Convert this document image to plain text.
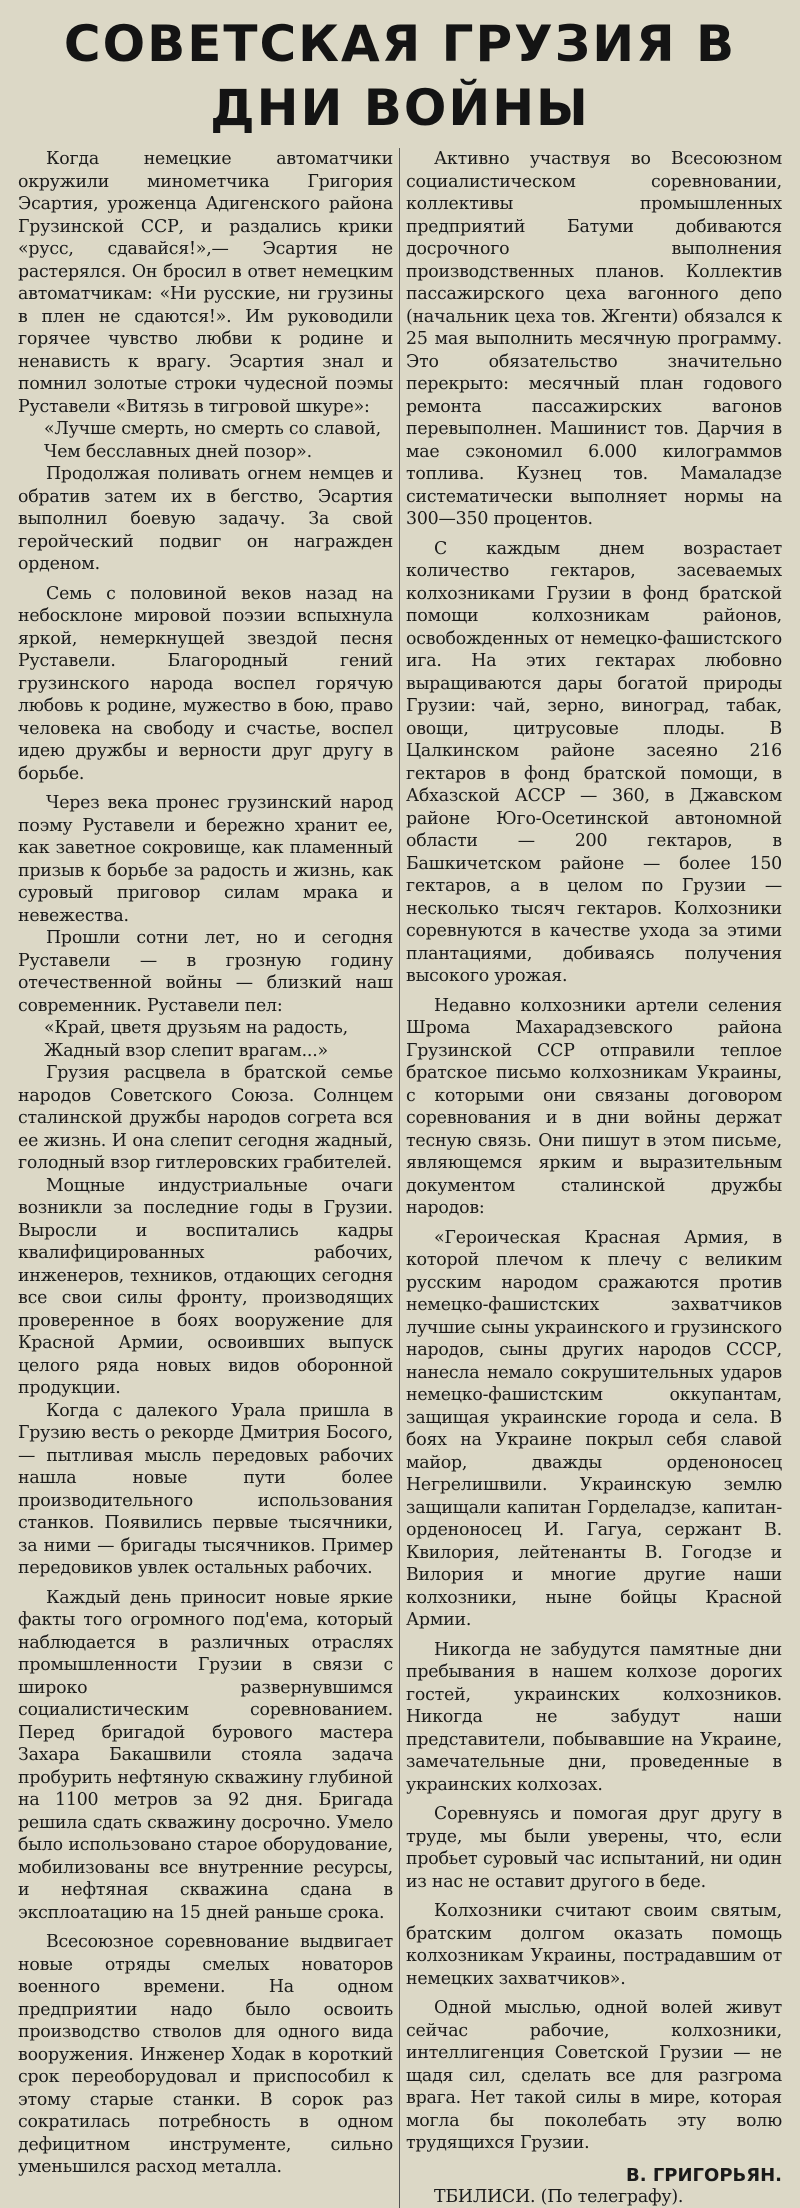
СОВЕТСКАЯ ГРУЗИЯ В ДНИ ВОЙНЫ

Когда немецкие автоматчики окружили минометчика Григория Эсартия, уроженца Адигенского района Грузинской ССР, и раздались крики «русс, сдавайся!»,— Эсартия не растерялся. Он бросил в ответ немецким автоматчикам: «Ни русские, ни грузины в плен не сдаются!». Им руководили горячее чувство любви к родине и ненависть к врагу. Эсартия знал и помнил золотые строки чудесной поэмы Руставели «Витязь в тигровой шкуре»:

«Лучше смерть, но смерть со славой, Чем бесславных дней позор».

Продолжая поливать огнем немцев и обратив затем их в бегство, Эсартия выполнил боевую задачу. За свой геройческий подвиг он награжден орденом.

Семь с половиной веков назад на небосклоне мировой поэзии вспыхнула яркой, немеркнущей звездой песня Руставели. Благородный гений грузинского народа воспел горячую любовь к родине, мужество в бою, право человека на свободу и счастье, воспел идею дружбы и верности друг другу в борьбе.

Через века пронес грузинский народ поэму Руставели и бережно хранит ее, как заветное сокровище, как пламенный призыв к борьбе за радость и жизнь, как суровый приговор силам мрака и невежества.

Прошли сотни лет, но и сегодня Руставели — в грозную годину отечественной войны — близкий наш современник. Руставели пел:

«Край, цветя друзьям на радость, Жадный взор слепит врагам...»

Грузия расцвела в братской семье народов Советского Союза. Солнцем сталинской дружбы народов согрета вся ее жизнь. И она слепит сегодня жадный, голодный взор гитлеровских грабителей.

Мощные индустриальные очаги возникли за последние годы в Грузии. Выросли и воспитались кадры квалифицированных рабочих, инженеров, техников, отдающих сегодня все свои силы фронту, производящих проверенное в боях вооружение для Красной Армии, освоивших выпуск целого ряда новых видов оборонной продукции.

Когда с далекого Урала пришла в Грузию весть о рекорде Дмитрия Босого,— пытливая мысль передовых рабочих нашла новые пути более производительного использования станков. Появились первые тысячники, за ними — бригады тысячников. Пример передовиков увлек остальных рабочих.

Каждый день приносит новые яркие факты того огромного под'ема, который наблюдается в различных отраслях промышленности Грузии в связи с широко развернувшимся социалистическим соревнованием. Перед бригадой бурового мастера Захара Бакашвили стояла задача пробурить нефтяную скважину глубиной на 1100 метров за 92 дня. Бригада решила сдать скважину досрочно. Умело было использовано старое оборудование, мобилизованы все внутренние ресурсы, и нефтяная скважина сдана в эксплоатацию на 15 дней раньше срока.

Всесоюзное соревнование выдвигает новые отряды смелых новаторов военного времени. На одном предприятии надо было освоить производство стволов для одного вида вооружения. Инженер Ходак в короткий срок переоборудовал и приспособил к этому старые станки. В сорок раз сократилась потребность в одном дефицитном инструменте, сильно уменьшился расход металла.

Активно участвуя во Всесоюзном социалистическом соревновании, коллективы промышленных предприятий Батуми добиваются досрочного выполнения производственных планов. Коллектив пассажирского цеха вагонного депо (начальник цеха тов. Жгенти) обязался к 25 мая выполнить месячную программу. Это обязательство значительно перекрыто: месячный план годового ремонта пассажирских вагонов перевыполнен. Машинист тов. Дарчия в мае сэкономил 6.000 килограммов топлива. Кузнец тов. Мамаладзе систематически выполняет нормы на 300—350 процентов.

С каждым днем возрастает количество гектаров, засеваемых колхозниками Грузии в фонд братской помощи колхозникам районов, освобожденных от немецко-фашистского ига. На этих гектарах любовно выращиваются дары богатой природы Грузии: чай, зерно, виноград, табак, овощи, цитрусовые плоды. В Цалкинском районе засеяно 216 гектаров в фонд братской помощи, в Абхазской АССР — 360, в Джавском районе Юго-Осетинской автономной области — 200 гектаров, в Башкичетском районе — более 150 гектаров, а в целом по Грузии — несколько тысяч гектаров. Колхозники соревнуются в качестве ухода за этими плантациями, добиваясь получения высокого урожая.

Недавно колхозники артели селения Шрома Махарадзевского района Грузинской ССР отправили теплое братское письмо колхозникам Украины, с которыми они связаны договором соревнования и в дни войны держат тесную связь. Они пишут в этом письме, являющемся ярким и выразительным документом сталинской дружбы народов:

«Героическая Красная Армия, в которой плечом к плечу с великим русским народом сражаются против немецко-фашистских захватчиков лучшие сыны украинского и грузинского народов, сыны других народов СССР, нанесла немало сокрушительных ударов немецко-фашистским оккупантам, защищая украинские города и села. В боях на Украине покрыл себя славой майор, дважды орденоносец Негрелишвили. Украинскую землю защищали капитан Горделадзе, капитан-орденоносец И. Гагуа, сержант В. Квилория, лейтенанты В. Гогодзе и Вилория и многие другие наши колхозники, ныне бойцы Красной Армии.

Никогда не забудутся памятные дни пребывания в нашем колхозе дорогих гостей, украинских колхозников. Никогда не забудут наши представители, побывавшие на Украине, замечательные дни, проведенные в украинских колхозах.

Соревнуясь и помогая друг другу в труде, мы были уверены, что, если пробьет суровый час испытаний, ни один из нас не оставит другого в беде.

Колхозники считают своим святым, братским долгом оказать помощь колхозникам Украины, пострадавшим от немецких захватчиков».

Одной мыслью, одной волей живут сейчас рабочие, колхозники, интеллигенция Советской Грузии — не щадя сил, сделать все для разгрома врага. Нет такой силы в мире, которая могла бы поколебать эту волю трудящихся Грузии.

В. ГРИГОРЬЯН.

ТБИЛИСИ. (По телеграфу).
